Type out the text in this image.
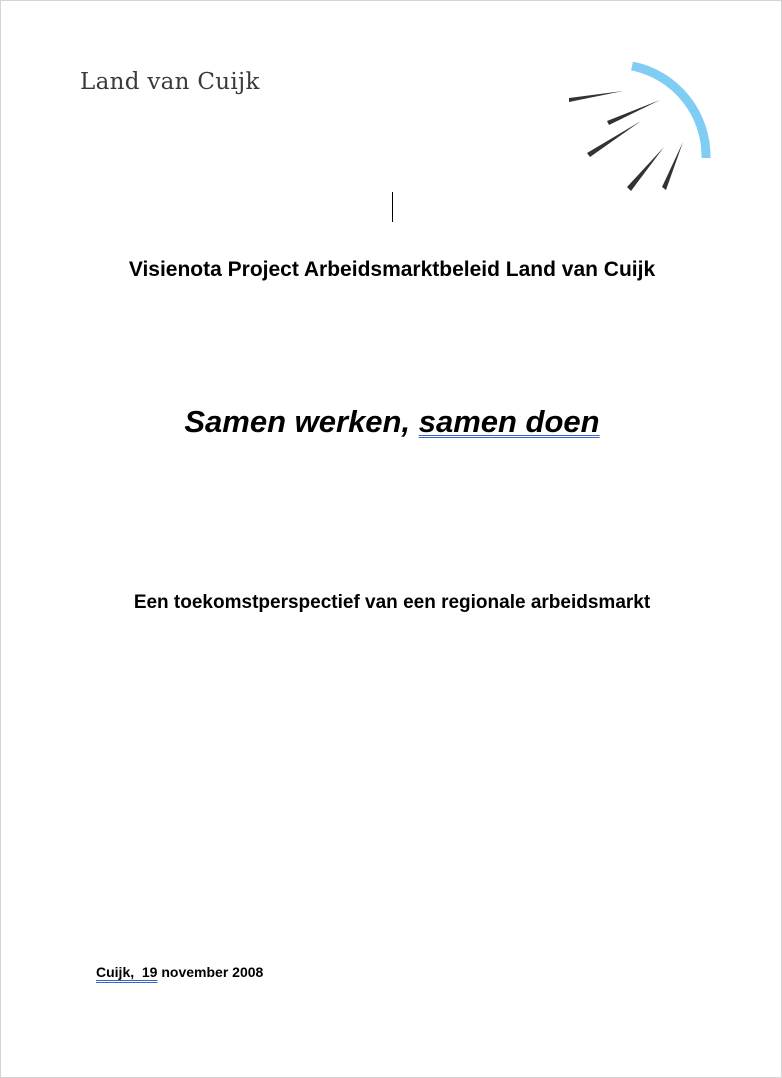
Land van Cuijk
Visienota Project Arbeidsmarktbeleid Land van Cuijk
Samen werken, samen doen
Een toekomstperspectief van een regionale arbeidsmarkt
Cuijk,  19 november 2008
